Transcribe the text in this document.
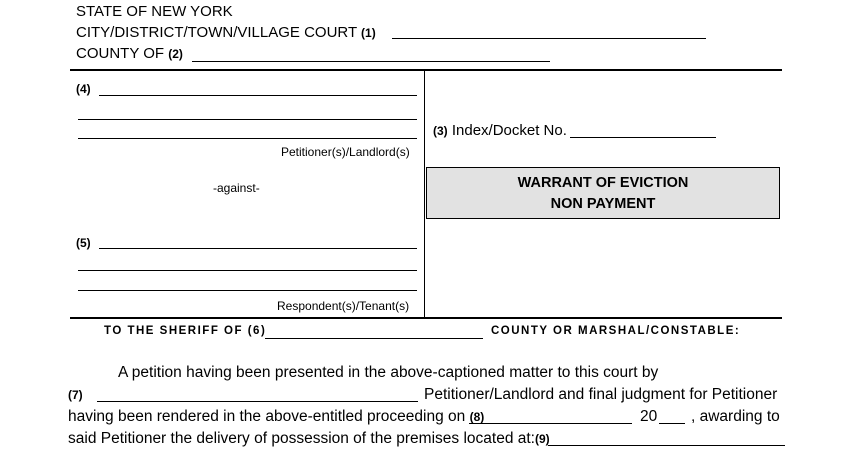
STATE OF NEW YORK
CITY/DISTRICT/TOWN/VILLAGE COURT (1)
COUNTY OF (2)
(4)
Petitioner(s)/Landlord(s)
(3) Index/Docket No.
-against-	WARRANT OF EVICTION
NON PAYMENT
(5)
Respondent(s)/Tenant(s)
TO THE SHERIFF OF (6)	COUNTY OR MARSHAL/CONSTABLE:
A petition having been presented in the above-captioned matter to this court by
(7)	Petitioner/Landlord and final judgment for Petitioner
having been rendered in the above-entitled proceeding on (8)	20 , awarding to
said Petitioner the delivery of possession of the premises located at:(9)
